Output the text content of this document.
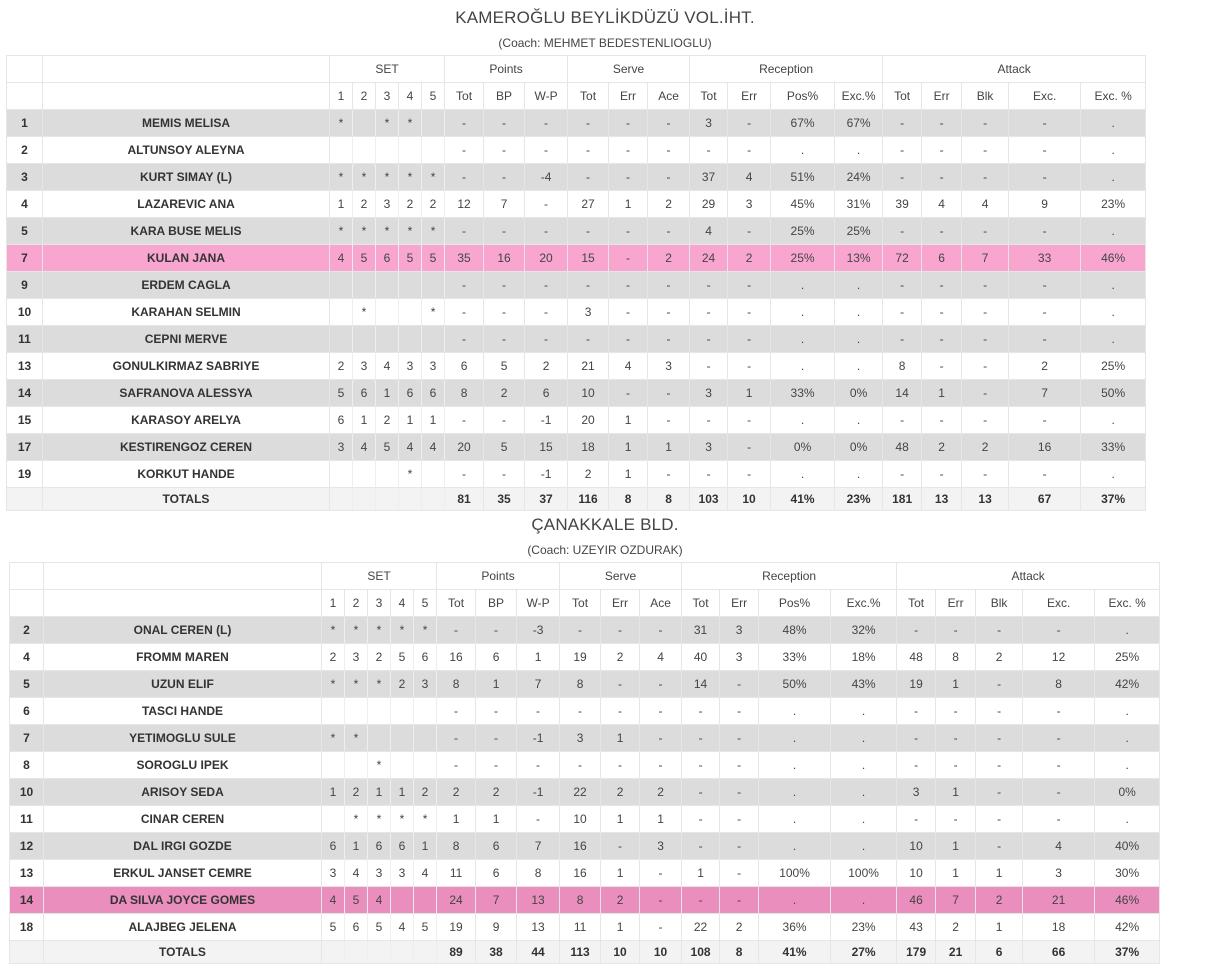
KAMEROĞLU BEYLİKDÜZÜ VOL.İHT.
(Coach: MEHMET BEDESTENLIOGLU)
		SET					Points			Serve			Reception				Attack	
		1	2	3	4	5	Tot	BP	W-P	Tot	Err	Ace	Tot	Err	Pos%	Exc.%	Tot	Err	Blk	Exc.	Exc. %	
1	MEMIS MELISA	*		*	*		-	-	-	-	-	-	3	-	67%	67%	-	-	-	-	.	
2	ALTUNSOY ALEYNA						-	-	-	-	-	-	-	-	.	.	-	-	-	-	.	
3	KURT SIMAY (L)	*	*	*	*	*	-	-	-4	-	-	-	37	4	51%	24%	-	-	-	-	.	
4	LAZAREVIC ANA	1	2	3	2	2	12	7	-	27	1	2	29	3	45%	31%	39	4	4	9	23%	
5	KARA BUSE MELIS	*	*	*	*	*	-	-	-	-	-	-	4	-	25%	25%	-	-	-	-	.	
7	KULAN JANA	4	5	6	5	5	35	16	20	15	-	2	24	2	25%	13%	72	6	7	33	46%	
9	ERDEM CAGLA						-	-	-	-	-	-	-	-	.	.	-	-	-	-	.	
10	KARAHAN SELMIN		*			*	-	-	-	3	-	-	-	-	.	.	-	-	-	-	.	
11	CEPNI MERVE						-	-	-	-	-	-	-	-	.	.	-	-	-	-	.	
13	GONULKIRMAZ SABRIYE	2	3	4	3	3	6	5	2	21	4	3	-	-	.	.	8	-	-	2	25%	
14	SAFRANOVA ALESSYA	5	6	1	6	6	8	2	6	10	-	-	3	1	33%	0%	14	1	-	7	50%	
15	KARASOY ARELYA	6	1	2	1	1	-	-	-1	20	1	-	-	-	.	.	-	-	-	-	.	
17	KESTIRENGOZ CEREN	3	4	5	4	4	20	5	15	18	1	1	3	-	0%	0%	48	2	2	16	33%	
19	KORKUT HANDE				*		-	-	-1	2	1	-	-	-	.	.	-	-	-	-	.	
	TOTALS						81	35	37	116	8	8	103	10	41%	23%	181	13	13	67	37%	
ÇANAKKALE BLD.
(Coach: UZEYIR OZDURAK)
		SET					Points			Serve			Reception				Attack	
		1	2	3	4	5	Tot	BP	W-P	Tot	Err	Ace	Tot	Err	Pos%	Exc.%	Tot	Err	Blk	Exc.	Exc. %	
2	ONAL CEREN (L)	*	*	*	*	*	-	-	-3	-	-	-	31	3	48%	32%	-	-	-	-	.	
4	FROMM MAREN	2	3	2	5	6	16	6	1	19	2	4	40	3	33%	18%	48	8	2	12	25%	
5	UZUN ELIF	*	*	*	2	3	8	1	7	8	-	-	14	-	50%	43%	19	1	-	8	42%	
6	TASCI HANDE						-	-	-	-	-	-	-	-	.	.	-	-	-	-	.	
7	YETIMOGLU SULE	*	*				-	-	-1	3	1	-	-	-	.	.	-	-	-	-	.	
8	SOROGLU IPEK			*			-	-	-	-	-	-	-	-	.	.	-	-	-	-	.	
10	ARISOY SEDA	1	2	1	1	2	2	2	-1	22	2	2	-	-	.	.	3	1	-	-	0%	
11	CINAR CEREN		*	*	*	*	1	1	-	10	1	1	-	-	.	.	-	-	-	-	.	
12	DAL IRGI GOZDE	6	1	6	6	1	8	6	7	16	-	3	-	-	.	.	10	1	-	4	40%	
13	ERKUL JANSET CEMRE	3	4	3	3	4	11	6	8	16	1	-	1	-	100%	100%	10	1	1	3	30%	
14	DA SILVA JOYCE GOMES	4	5	4			24	7	13	8	2	-	-	-	.	.	46	7	2	21	46%	
18	ALAJBEG JELENA	5	6	5	4	5	19	9	13	11	1	-	22	2	36%	23%	43	2	1	18	42%	
	TOTALS						89	38	44	113	10	10	108	8	41%	27%	179	21	6	66	37%	
